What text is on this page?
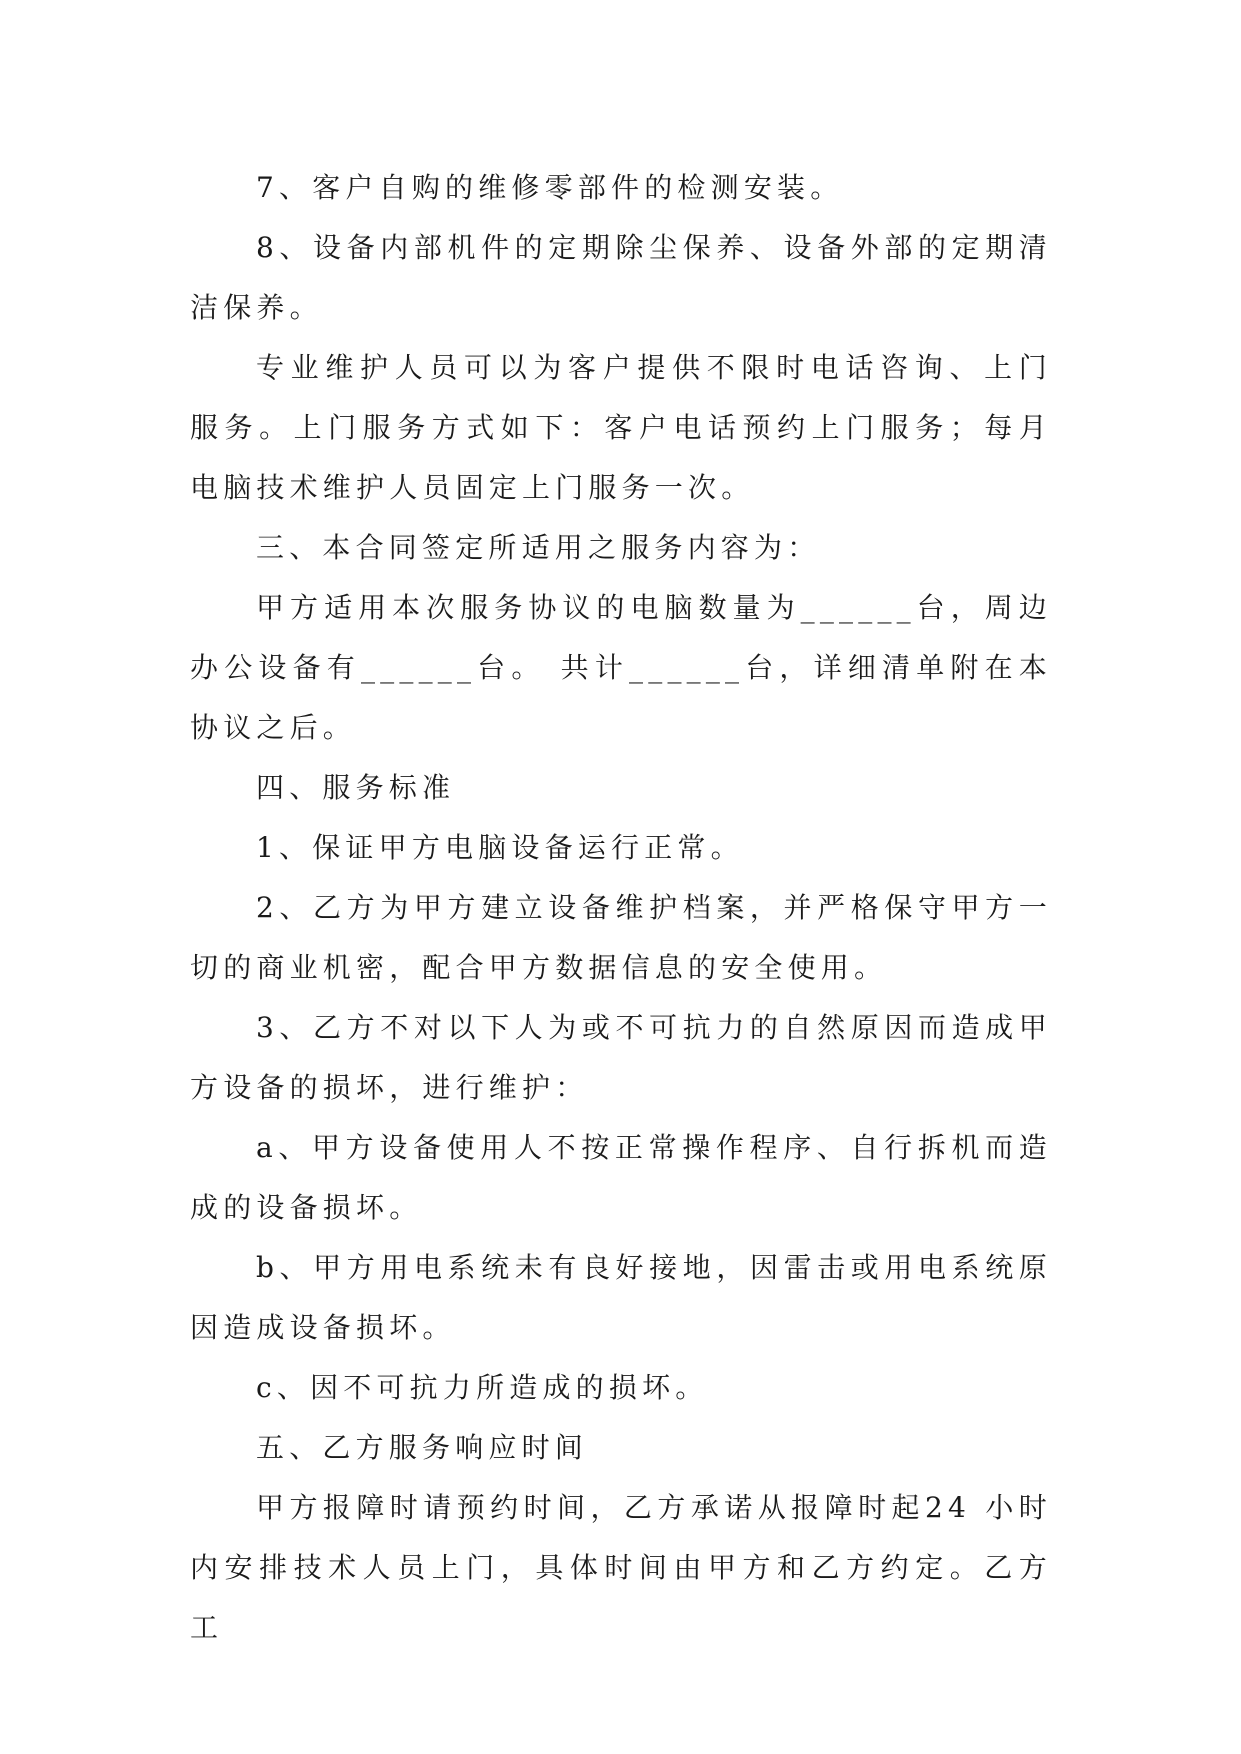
7、客户自购的维修零部件的检测安装。

8、设备内部机件的定期除尘保养、设备外部的定期清洁保养。

专业维护人员可以为客户提供不限时电话咨询、上门服务。上门服务方式如下：客户电话预约上门服务；每月电脑技术维护人员固定上门服务一次。

三、本合同签定所适用之服务内容为：

甲方适用本次服务协议的电脑数量为______台，周边办公设备有______台。 共计______台，详细清单附在本协议之后。

四、服务标准

1、保证甲方电脑设备运行正常。

2、乙方为甲方建立设备维护档案，并严格保守甲方一切的商业机密，配合甲方数据信息的安全使用。

3、乙方不对以下人为或不可抗力的自然原因而造成甲方设备的损坏，进行维护：

a、甲方设备使用人不按正常操作程序、自行拆机而造成的设备损坏。

b、甲方用电系统未有良好接地，因雷击或用电系统原因造成设备损坏。

c、因不可抗力所造成的损坏。

五、乙方服务响应时间

甲方报障时请预约时间，乙方承诺从报障时起24 小时内安排技术人员上门，具体时间由甲方和乙方约定。乙方工
